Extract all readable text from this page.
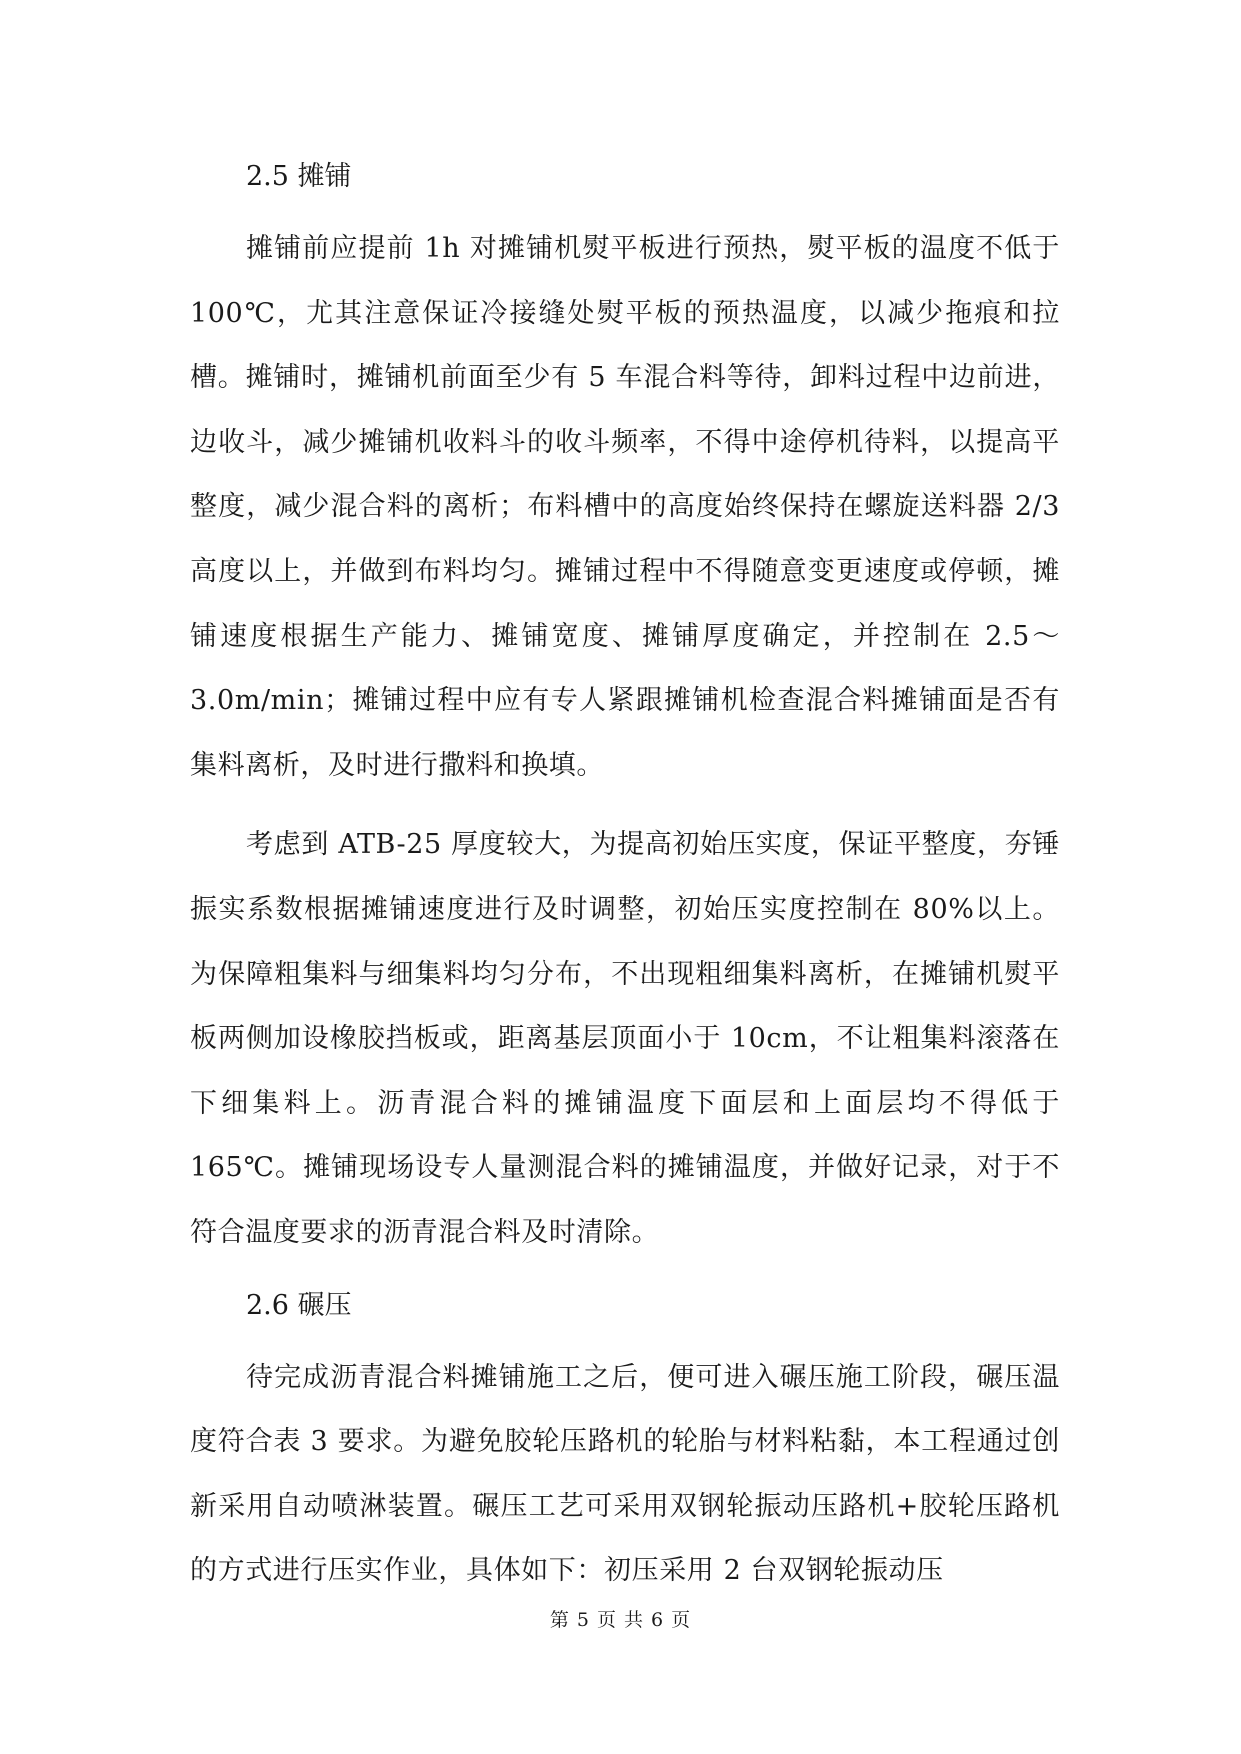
2.5 摊铺

摊铺前应提前 1h 对摊铺机熨平板进行预热，熨平板的温度不低于 100℃，尤其注意保证冷接缝处熨平板的预热温度，以减少拖痕和拉槽。摊铺时，摊铺机前面至少有 5 车混合料等待，卸料过程中边前进，边收斗，减少摊铺机收料斗的收斗频率，不得中途停机待料，以提高平整度，减少混合料的离析；布料槽中的高度始终保持在螺旋送料器 2/3 高度以上，并做到布料均匀。摊铺过程中不得随意变更速度或停顿，摊铺速度根据生产能力、摊铺宽度、摊铺厚度确定，并控制在 2.5～3.0m/min；摊铺过程中应有专人紧跟摊铺机检查混合料摊铺面是否有集料离析，及时进行撒料和换填。

考虑到 ATB-25 厚度较大，为提高初始压实度，保证平整度，夯锤振实系数根据摊铺速度进行及时调整，初始压实度控制在 80%以上。为保障粗集料与细集料均匀分布，不出现粗细集料离析，在摊铺机熨平板两侧加设橡胶挡板或，距离基层顶面小于 10cm，不让粗集料滚落在下细集料上。沥青混合料的摊铺温度下面层和上面层均不得低于 165℃。摊铺现场设专人量测混合料的摊铺温度，并做好记录，对于不符合温度要求的沥青混合料及时清除。

2.6 碾压

待完成沥青混合料摊铺施工之后，便可进入碾压施工阶段，碾压温度符合表 3 要求。为避免胶轮压路机的轮胎与材料粘黏，本工程通过创新采用自动喷淋装置。碾压工艺可采用双钢轮振动压路机+胶轮压路机的方式进行压实作业，具体如下：初压采用 2 台双钢轮振动压

第 5 页 共 6 页
